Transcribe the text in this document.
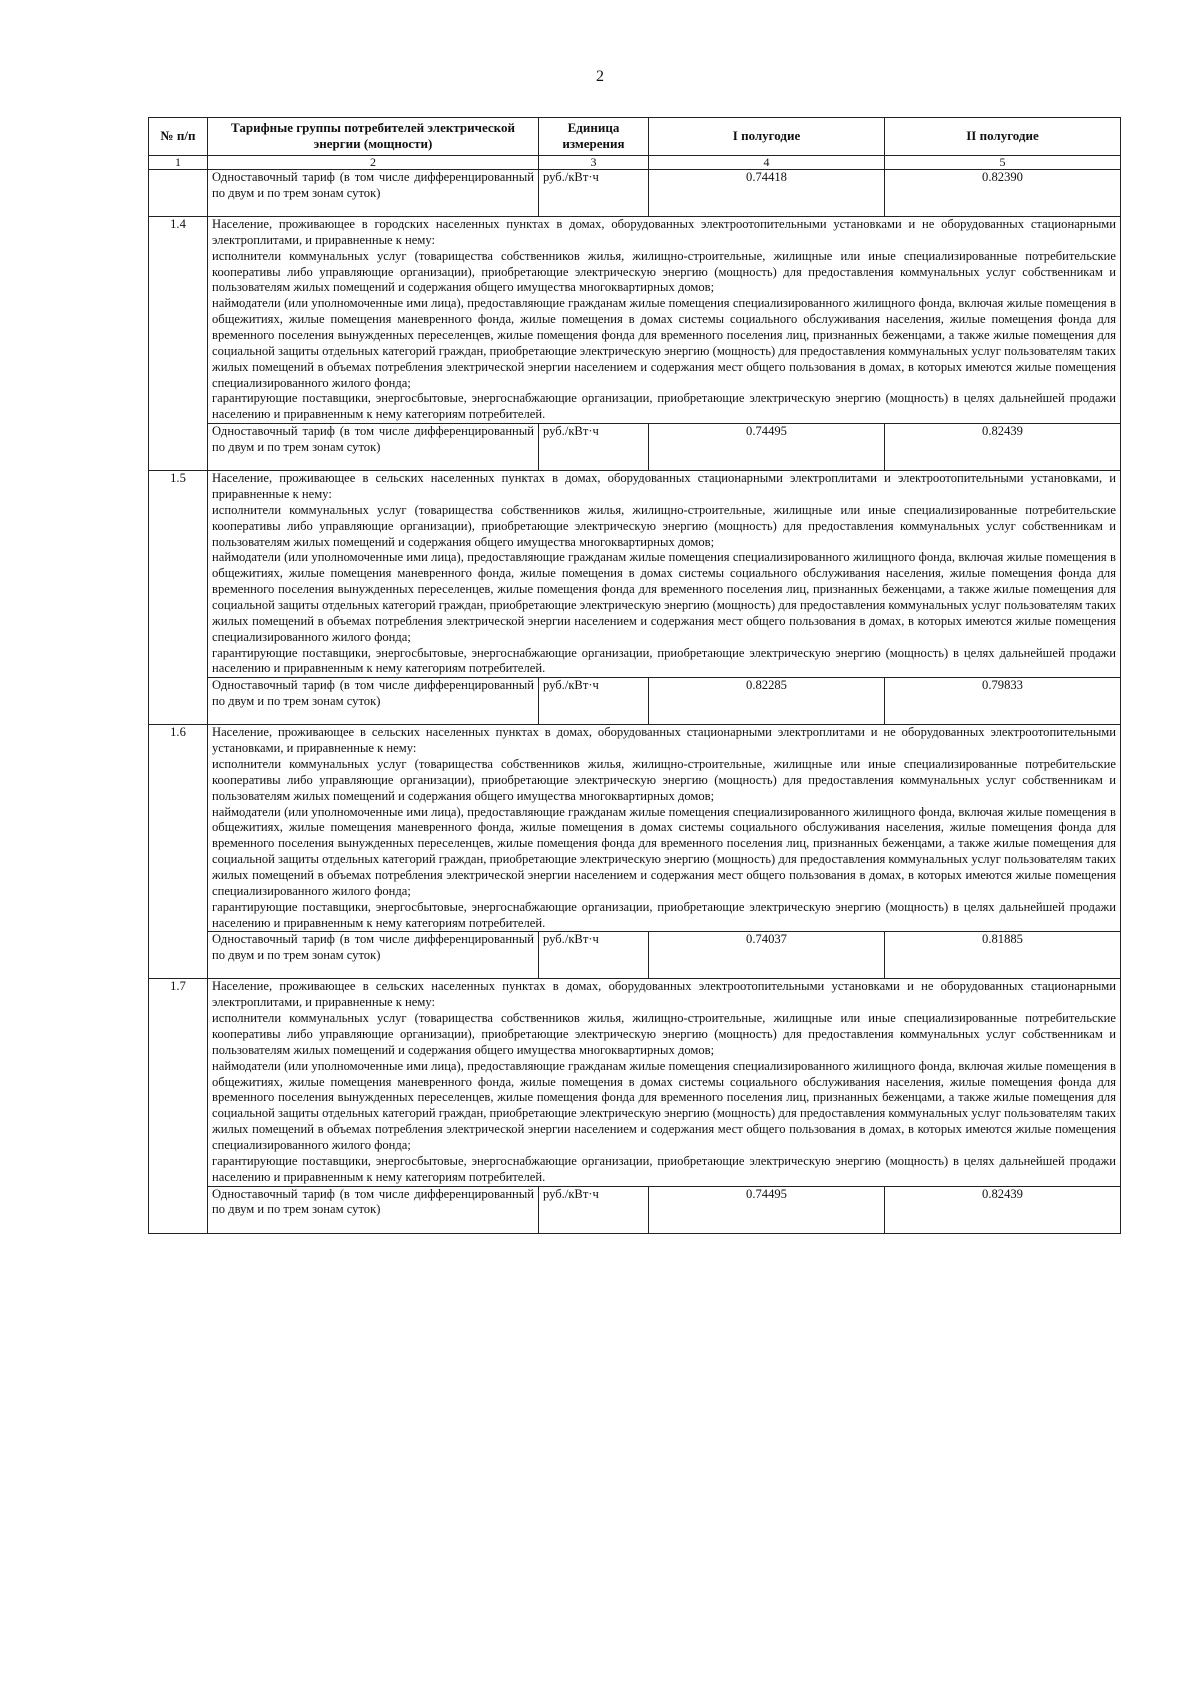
2
№ п/п	Тарифные группы потребителей электрической энергии (мощности)	Единица измерения	I полугодие	II полугодие
1	2	3	4	5
	Одноставочный тариф (в том числе дифференцированный по двум и по трем зонам суток)	руб./кВт·ч	0.74418	0.82390
1.4	Население, проживающее в городских населенных пунктах в домах, оборудованных электроотопительными установками и не оборудованных стационарными электроплитами, и приравненные к нему:
исполнители коммунальных услуг (товарищества собственников жилья, жилищно-строительные, жилищные или иные специализированные потребительские кооперативы либо управляющие организации), приобретающие электрическую энергию (мощность) для предоставления коммунальных услуг собственникам и пользователям жилых помещений и содержания общего имущества многоквартирных домов;
наймодатели (или уполномоченные ими лица), предоставляющие гражданам жилые помещения специализированного жилищного фонда, включая жилые помещения в общежитиях, жилые помещения маневренного фонда, жилые помещения в домах системы социального обслуживания населения, жилые помещения фонда для временного поселения вынужденных переселенцев, жилые помещения фонда для временного поселения лиц, признанных беженцами, а также жилые помещения для социальной защиты отдельных категорий граждан, приобретающие электрическую энергию (мощность) для предоставления коммунальных услуг пользователям таких жилых помещений в объемах потребления электрической энергии населением и содержания мест общего пользования в домах, в которых имеются жилые помещения специализированного жилого фонда;
гарантирующие поставщики, энергосбытовые, энергоснабжающие организации, приобретающие электрическую энергию (мощность) в целях дальнейшей продажи населению и приравненным к нему категориям потребителей.			

	Одноставочный тариф (в том числе дифференцированный по двум и по трем зонам суток)	руб./кВт·ч	0.74495	0.82439
1.5	Население, проживающее в сельских населенных пунктах в домах, оборудованных стационарными электроплитами и электроотопительными установками, и приравненные к нему:
исполнители коммунальных услуг (товарищества собственников жилья, жилищно-строительные, жилищные или иные специализированные потребительские кооперативы либо управляющие организации), приобретающие электрическую энергию (мощность) для предоставления коммунальных услуг собственникам и пользователям жилых помещений и содержания общего имущества многоквартирных домов;
наймодатели (или уполномоченные ими лица), предоставляющие гражданам жилые помещения специализированного жилищного фонда, включая жилые помещения в общежитиях, жилые помещения маневренного фонда, жилые помещения в домах системы социального обслуживания населения, жилые помещения фонда для временного поселения вынужденных переселенцев, жилые помещения фонда для временного поселения лиц, признанных беженцами, а также жилые помещения для социальной защиты отдельных категорий граждан, приобретающие электрическую энергию (мощность) для предоставления коммунальных услуг пользователям таких жилых помещений в объемах потребления электрической энергии населением и содержания мест общего пользования в домах, в которых имеются жилые помещения специализированного жилого фонда;
гарантирующие поставщики, энергосбытовые, энергоснабжающие организации, приобретающие электрическую энергию (мощность) в целях дальнейшей продажи населению и приравненным к нему категориям потребителей.			

	Одноставочный тариф (в том числе дифференцированный по двум и по трем зонам суток)	руб./кВт·ч	0.82285	0.79833
1.6	Население, проживающее в сельских населенных пунктах в домах, оборудованных стационарными электроплитами и не оборудованных электроотопительными установками, и приравненные к нему:
исполнители коммунальных услуг (товарищества собственников жилья, жилищно-строительные, жилищные или иные специализированные потребительские кооперативы либо управляющие организации), приобретающие электрическую энергию (мощность) для предоставления коммунальных услуг собственникам и пользователям жилых помещений и содержания общего имущества многоквартирных домов;
наймодатели (или уполномоченные ими лица), предоставляющие гражданам жилые помещения специализированного жилищного фонда, включая жилые помещения в общежитиях, жилые помещения маневренного фонда, жилые помещения в домах системы социального обслуживания населения, жилые помещения фонда для временного поселения вынужденных переселенцев, жилые помещения фонда для временного поселения лиц, признанных беженцами, а также жилые помещения для социальной защиты отдельных категорий граждан, приобретающие электрическую энергию (мощность) для предоставления коммунальных услуг пользователям таких жилых помещений в объемах потребления электрической энергии населением и содержания мест общего пользования в домах, в которых имеются жилые помещения специализированного жилого фонда;
гарантирующие поставщики, энергосбытовые, энергоснабжающие организации, приобретающие электрическую энергию (мощность) в целях дальнейшей продажи населению и приравненным к нему категориям потребителей.			

	Одноставочный тариф (в том числе дифференцированный по двум и по трем зонам суток)	руб./кВт·ч	0.74037	0.81885
1.7	Население, проживающее в сельских населенных пунктах в домах, оборудованных электроотопительными установками и не оборудованных стационарными электроплитами, и приравненные к нему:
исполнители коммунальных услуг (товарищества собственников жилья, жилищно-строительные, жилищные или иные специализированные потребительские кооперативы либо управляющие организации), приобретающие электрическую энергию (мощность) для предоставления коммунальных услуг собственникам и пользователям жилых помещений и содержания общего имущества многоквартирных домов;
наймодатели (или уполномоченные ими лица), предоставляющие гражданам жилые помещения специализированного жилищного фонда, включая жилые помещения в общежитиях, жилые помещения маневренного фонда, жилые помещения в домах системы социального обслуживания населения, жилые помещения фонда для временного поселения вынужденных переселенцев, жилые помещения фонда для временного поселения лиц, признанных беженцами, а также жилые помещения для социальной защиты отдельных категорий граждан, приобретающие электрическую энергию (мощность) для предоставления коммунальных услуг пользователям таких жилых помещений в объемах потребления электрической энергии населением и содержания мест общего пользования в домах, в которых имеются жилые помещения специализированного жилого фонда;
гарантирующие поставщики, энергосбытовые, энергоснабжающие организации, приобретающие электрическую энергию (мощность) в целях дальнейшей продажи населению и приравненным к нему категориям потребителей.			

	Одноставочный тариф (в том числе дифференцированный по двум и по трем зонам суток)	руб./кВт·ч	0.74495	0.82439
